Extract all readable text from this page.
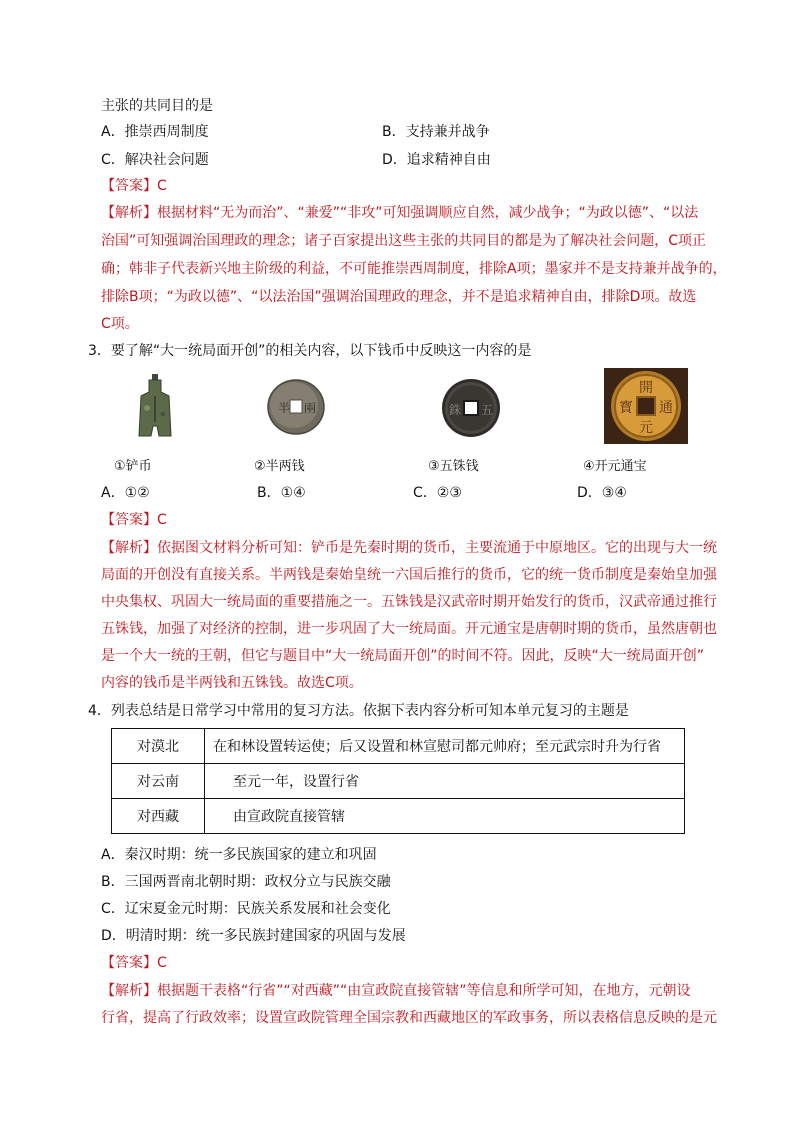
主张的共同目的是
A．推崇西周制度	B．支持兼并战争
C．解决社会问题	D．追求精神自由
【答案】C
【解析】根据材料“无为而治”、“兼爱”“非攻”可知强调顺应自然，减少战争；“为政以德”、“以法
治国”可知强调治国理政的理念；诸子百家提出这些主张的共同目的都是为了解决社会问题，C项正
确；韩非子代表新兴地主阶级的利益，不可能推崇西周制度，排除A项；墨家并不是支持兼并战争的，
排除B项；“为政以德”、“以法治国”强调治国理政的理念，并不是追求精神自由，排除D项。故选
C项。
3．要了解“大一统局面开创”的相关内容，以下钱币中反映这一内容的是
半 兩	銖 五
開
通
元
寳
①铲币	②半两钱	③五铢钱	④开元通宝
A．①②	B．①④	C．②③	D．③④
【答案】C
【解析】依据图文材料分析可知：铲币是先秦时期的货币，主要流通于中原地区。它的出现与大一统
局面的开创没有直接关系。半两钱是秦始皇统一六国后推行的货币，它的统一货币制度是秦始皇加强
中央集权、巩固大一统局面的重要措施之一。五铢钱是汉武帝时期开始发行的货币，汉武帝通过推行
五铢钱，加强了对经济的控制，进一步巩固了大一统局面。开元通宝是唐朝时期的货币，虽然唐朝也
是一个大一统的王朝，但它与题目中“大一统局面开创”的时间不符。因此，反映“大一统局面开创”
内容的钱币是半两钱和五铢钱。故选C项。
4．列表总结是日常学习中常用的复习方法。依据下表内容分析可知本单元复习的主题是
对漠北	在和林设置转运使；后又设置和林宣慰司都元帅府；至元武宗时升为行省
对云南	至元一年，设置行省
对西藏	由宣政院直接管辖
A．秦汉时期：统一多民族国家的建立和巩固
B．三国两晋南北朝时期：政权分立与民族交融
C．辽宋夏金元时期：民族关系发展和社会变化
D．明清时期：统一多民族封建国家的巩固与发展
【答案】C
【解析】根据题干表格“行省”“对西藏”“由宣政院直接管辖”等信息和所学可知，在地方，元朝设
行省，提高了行政效率；设置宣政院管理全国宗教和西藏地区的军政事务，所以表格信息反映的是元
